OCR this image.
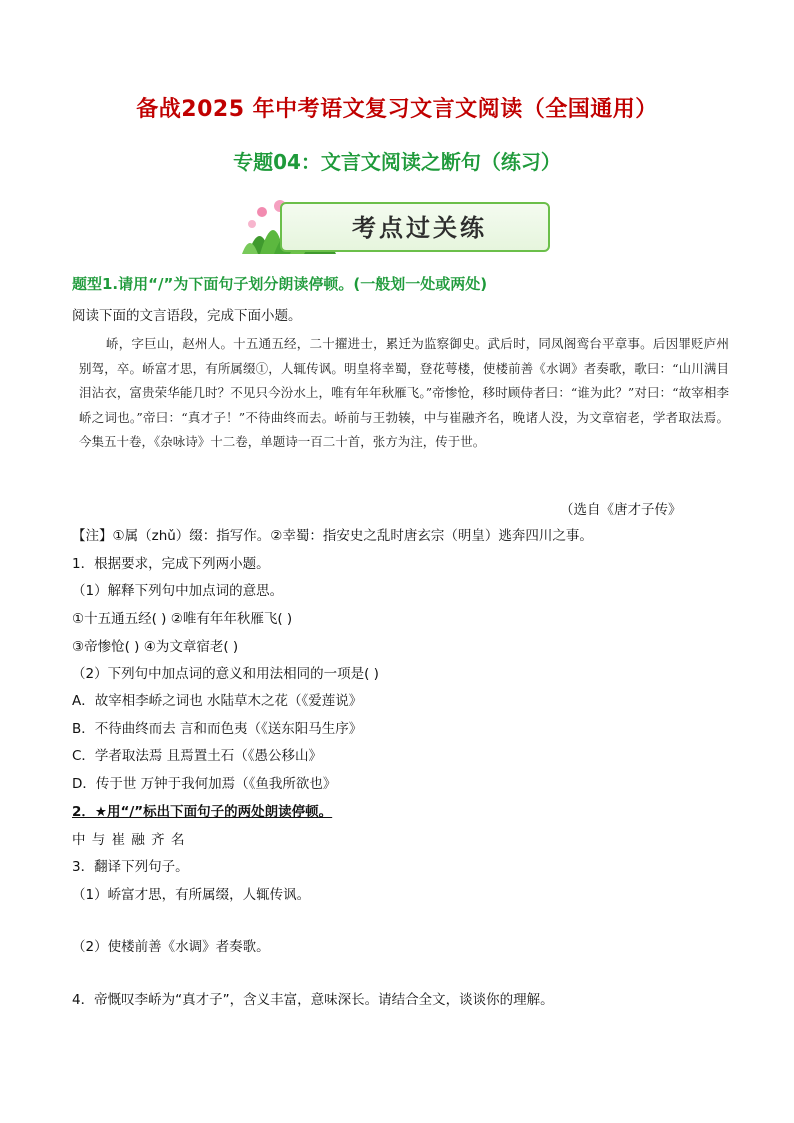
备战2025 年中考语文复习文言文阅读（全国通用）
专题04：文言文阅读之断句（练习）
考点过关练
题型1.请用“/”为下面句子划分朗读停顿。(一般划一处或两处)
阅读下面的文言语段，完成下面小题。

峤，字巨山，赵州人。十五通五经，二十擢进士，累迁为监察御史。武后时，同凤阁鸾台平章事。后因罪贬庐州别驾，卒。峤富才思，有所属缀①，人辄传讽。明皇将幸蜀，登花萼楼，使楼前善《水调》者奏歌，歌曰：“山川满目泪沾衣，富贵荣华能几时？不见只今汾水上，唯有年年秋雁飞。”帝惨怆，移时顾侍者曰：“谁为此？”对曰：“故宰相李峤之词也。”帝曰：“真才子！”不待曲终而去。峤前与王勃辏，中与崔融齐名，晚诸人没，为文章宿老，学者取法焉。今集五十卷，《杂咏诗》十二卷，单题诗一百二十首，张方为注，传于世。

（选自《唐才子传》
【注】①属（zhǔ）缀：指写作。②幸蜀：指安史之乱时唐玄宗（明皇）逃奔四川之事。
1．根据要求，完成下列两小题。
（1）解释下列句中加点词的意思。
①十五通五经( ) ②唯有年年秋雁飞( )
③帝惨怆( ) ④为文章宿老( )
（2）下列句中加点词的意义和用法相同的一项是( )
A．故宰相李峤之词也 水陆草木之花（《爱莲说》
B．不待曲终而去 言和而色夷（《送东阳马生序》
C．学者取法焉 且焉置土石（《愚公移山》
D．传于世 万钟于我何加焉（《鱼我所欲也》
2．★用“/”标出下面句子的两处朗读停顿。
中 与 崔 融 齐 名
3．翻译下列句子。
（1）峤富才思，有所属缀，人辄传讽。
（2）使楼前善《水调》者奏歌。
4．帝慨叹李峤为“真才子”，含义丰富，意味深长。请结合全文，谈谈你的理解。
